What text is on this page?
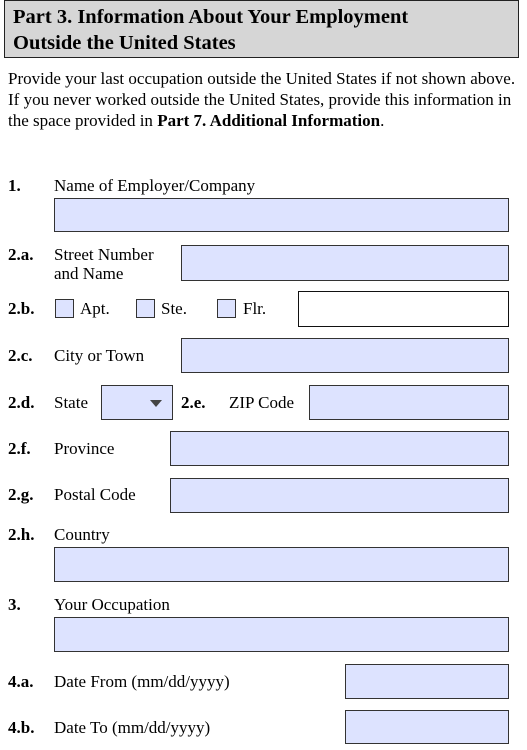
Part 3. Information About Your Employment
Outside the United States
Provide your last occupation outside the United States if not shown above. If you never worked outside the United States, provide this information in the space provided in Part 7. Additional Information.
1. Name of Employer/Company
2.a. Street Number
and Name
2.b.	Apt.	Ste.	Flr.
2.c. City or Town
2.d. State	2.e. ZIP Code
2.f. Province
2.g. Postal Code
2.h. Country
3. Your Occupation
4.a. Date From (mm/dd/yyyy)
4.b. Date To (mm/dd/yyyy)
